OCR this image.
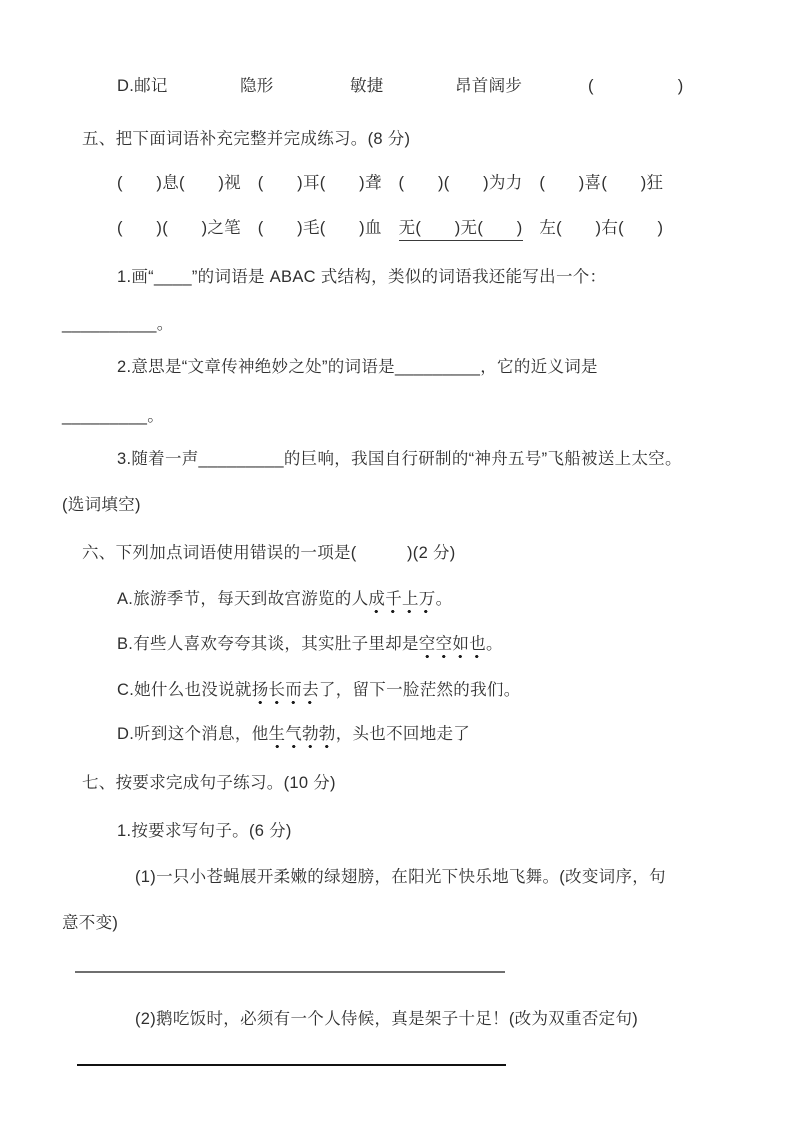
D.邮记

	隐形

	敏捷

	昂首阔步

	(　　　　　)

五、把下面词语补充完整并完成练习。(8 分)
(　　)息(　　)视　(　　)耳(　　)聋　(　　)(　　)为力　(　　)喜(　　)狂
(　　)(　　)之笔　(　　)毛(　　)血　无(　　)无(　　)　左(　　)右(　　)
1.画“____”的词语是 ABAC 式结构，类似的词语我还能写出一个：
__________。
2.意思是“文章传神绝妙之处”的词语是_________，它的近义词是
_________。
3.随着一声_________的巨响，我国自行研制的“神舟五号”飞船被送上太空。
(选词填空)
六、下列加点词语使用错误的一项是(　　　)(2 分)
A.旅游季节，每天到故宫游览的人成千上万。
B.有些人喜欢夸夸其谈，其实肚子里却是空空如也。
C.她什么也没说就扬长而去了，留下一脸茫然的我们。
D.听到这个消息，他生气勃勃，头也不回地走了
七、按要求完成句子练习。(10 分)
1.按要求写句子。(6 分)
(1)一只小苍蝇展开柔嫩的绿翅膀，在阳光下快乐地飞舞。(改变词序，句
意不变)
(2)鹅吃饭时，必须有一个人侍候，真是架子十足！(改为双重否定句)
